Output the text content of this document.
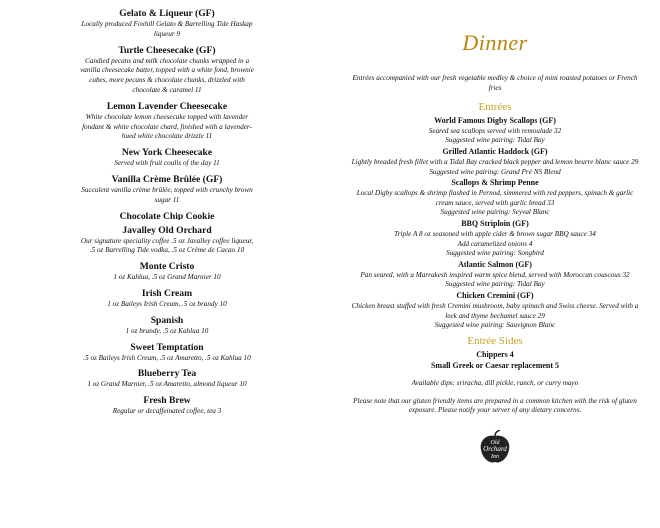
Gelato & Liqueur (GF)
Locally produced Foxhill Gelato & Barrelling Tide Haskap liqueur 9
Turtle Cheesecake (GF)
Candied pecans and milk chocolate chunks wrapped in a vanilla cheesecake batter, topped with a white fond, brownie cubes, more pecans & chocolate chunks, drizzled with chocolate & caramel 11
Lemon Lavender Cheesecake
White chocolate lemon cheesecake topped with lavender fondant & white chocolate chard, finished with a lavender-hued white chocolate drizzle 11
New York Cheesecake
Served with fruit coulis of the day 11
Vanilla Crème Brûlée (GF)
Succulent vanilla crème brûlée, topped with crunchy brown sugar 11
Chocolate Chip Cookie
Javalley Old Orchard
Our signature speciality coffee .5 oz Javalley coffee liqueur, .5 oz Barrelling Tide vodka, .5 oz Crème de Cacao 10
Monte Cristo
1 oz Kahlua, .5 oz Grand Marnier 10
Irish Cream
1 oz Baileys Irish Cream, .5 oz brandy 10
Spanish
1 oz brandy, .5 oz Kahlua 10
Sweet Temptation
.5 oz Baileys Irish Cream, .5 oz Amaretto, .5 oz Kahlua 10
Blueberry Tea
1 oz Grand Marnier, .5 oz Amaretto, almond liqueur 10
Fresh Brew
Regular or decaffeinated coffee, tea 3
Dinner
Entrées accompanied with our fresh vegetable medley & choice of mini roasted potatoes or French fries
Entrées
World Famous Digby Scallops (GF)
Seared sea scallops served with remoulade 32
Suggested wine pairing: Tidal Bay
Grilled Atlantic Haddock (GF)
Lightly breaded fresh fillet with a Tidal Bay cracked black pepper and lemon beurre blanc sauce 29
Suggested wine pairing: Grand Pré NS Blend
Scallops & Shrimp Penne
Local Digby scallops & shrimp flashed in Pernod, simmered with red peppers, spinach & garlic cream sauce, served with garlic bread 33
Suggested wine pairing: Seyval Blanc
BBQ Striploin (GF)
Triple A 8 oz seasoned with apple cider & brown sugar BBQ sauce 34
Add caramelized onions 4
Suggested wine pairing: Songbird
Atlantic Salmon (GF)
Pan seared, with a Marrakesh inspired warm spice blend, served with Moroccan couscous 32
Suggested wine pairing: Tidal Bay
Chicken Cremini (GF)
Chicken breast stuffed with fresh Cremini mushroom, baby spinach and Swiss cheese. Served with a leek and thyme bechamel sauce 29
Suggested wine pairing: Sauvignon Blanc
Entrée Sides
Chippers 4
Small Greek or Caesar replacement 5
Available dips: sriracha, dill pickle, ranch, or curry mayo
Please note that our gluten friendly items are prepared in a common kitchen with the risk of gluten exposure. Please notify your server of any dietary concerns.
Old
Orchard
Inn
